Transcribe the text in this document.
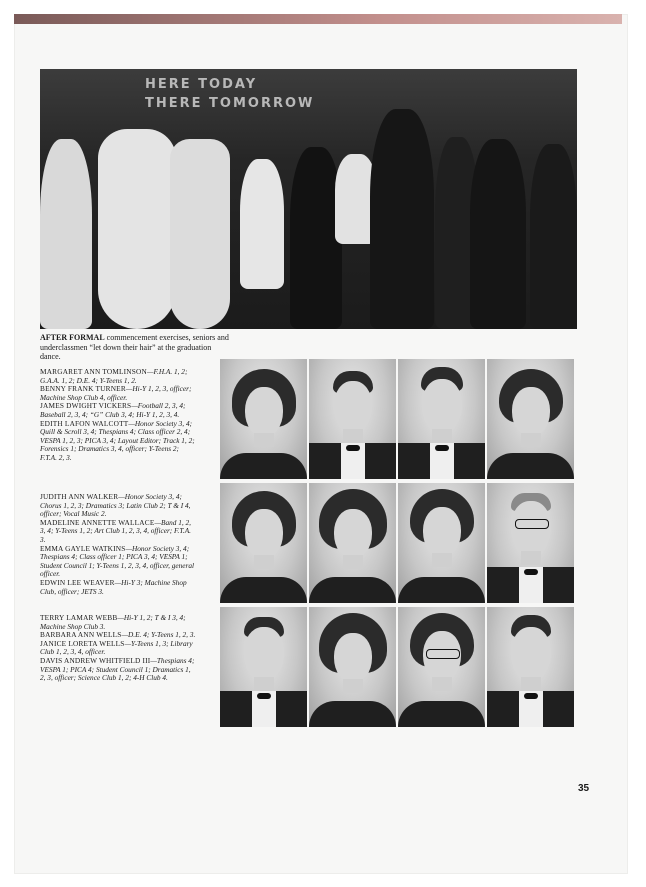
HERE TODAY
THERE TOMORROW
AFTER FORMAL commencement exercises, seniors and underclassmen “let down their hair” at the graduation dance.

MARGARET ANN TOMLINSON—F.H.A. 1, 2; G.A.A. 1, 2; D.E. 4; Y-Teens 1, 2.

BENNY FRANK TURNER—Hi-Y 1, 2, 3, officer; Machine Shop Club 4, officer.

JAMES DWIGHT VICKERS—Football 2, 3, 4; Baseball 2, 3, 4; “G” Club 3, 4; Hi-Y 1, 2, 3, 4.

EDITH LAFON WALCOTT—Honor Society 3, 4; Quill & Scroll 3, 4; Thespians 4; Class officer 2, 4; VESPA 1, 2, 3; PICA 3, 4; Layout Editor; Track 1, 2; Forensics 1; Dramatics 3, 4, officer; Y-Teens 2; F.T.A. 2, 3.

JUDITH ANN WALKER—Honor Society 3, 4; Chorus 1, 2, 3; Dramatics 3; Latin Club 2; T & I 4, officer; Vocal Music 2.

MADELINE ANNETTE WALLACE—Band 1, 2, 3, 4; Y-Teens 1, 2; Art Club 1, 2, 3, 4, officer; F.T.A. 3.

EMMA GAYLE WATKINS—Honor Society 3, 4; Thespians 4; Class officer 1; PICA 3, 4; VESPA 1; Student Council 1; Y-Teens 1, 2, 3, 4, officer, general officer.

EDWIN LEE WEAVER—Hi-Y 3; Machine Shop Club, officer; JETS 3.

TERRY LAMAR WEBB—Hi-Y 1, 2; T & I 3, 4; Machine Shop Club 3.

BARBARA ANN WELLS—D.E. 4; Y-Teens 1, 2, 3.

JANICE LORETA WELLS—Y-Teens 1, 3; Library Club 1, 2, 3, 4, officer.

DAVIS ANDREW WHITFIELD III—Thespians 4; VESPA 1; PICA 4; Student Council 1; Dramatics 1, 2, 3, officer; Science Club 1, 2; 4-H Club 4.

35
